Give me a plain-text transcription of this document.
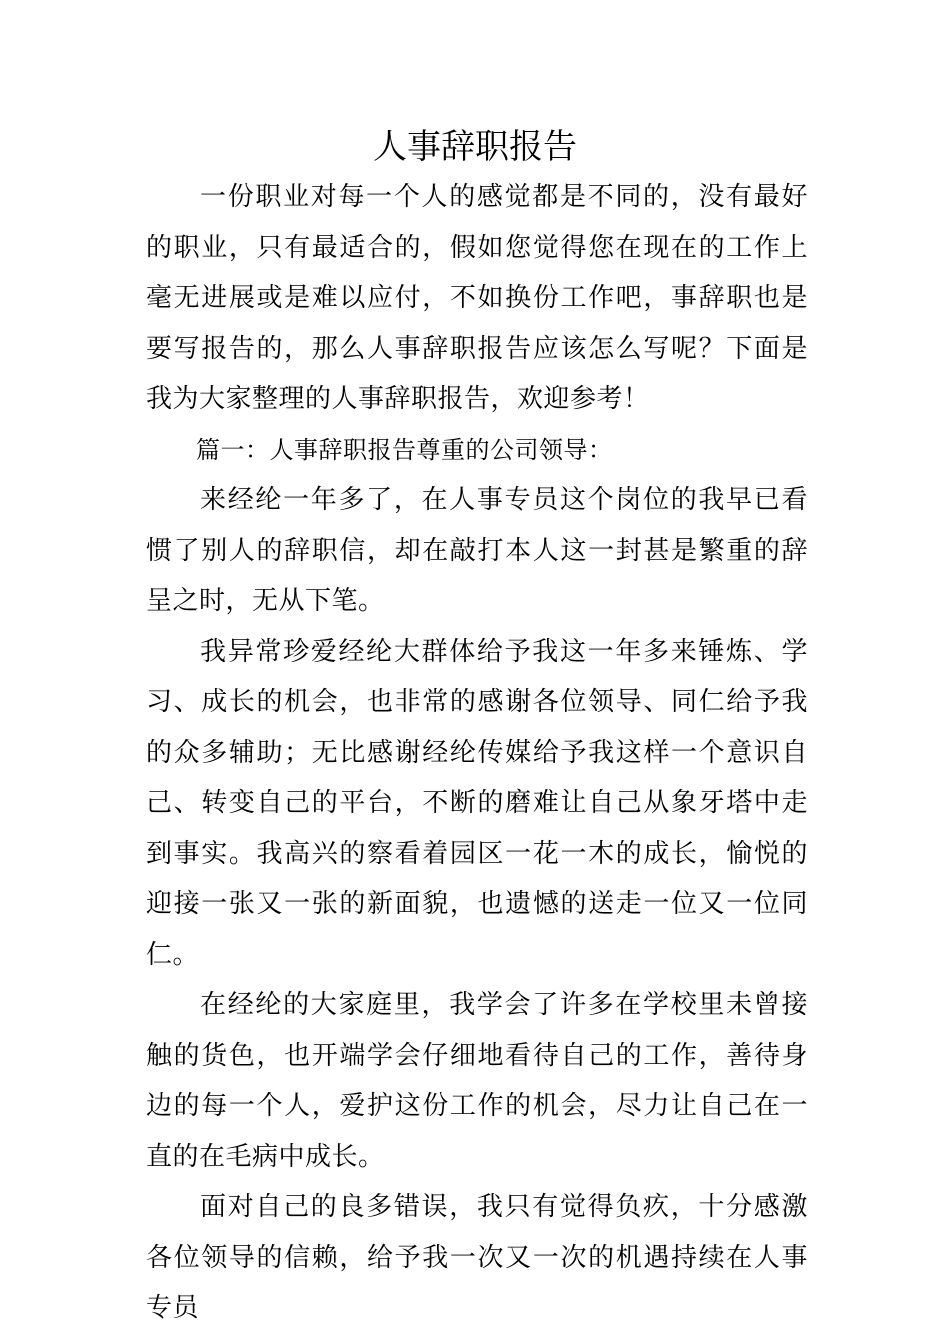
人事辞职报告

一份职业对每一个人的感觉都是不同的，没有最好的职业，只有最适合的，假如您觉得您在现在的工作上毫无进展或是难以应付，不如换份工作吧，事辞职也是要写报告的，那么人事辞职报告应该怎么写呢？下面是我为大家整理的人事辞职报告，欢迎参考！

篇一：人事辞职报告尊重的公司领导：

来经纶一年多了，在人事专员这个岗位的我早已看惯了别人的辞职信，却在敲打本人这一封甚是繁重的辞呈之时，无从下笔。

我异常珍爱经纶大群体给予我这一年多来锤炼、学习、成长的机会，也非常的感谢各位领导、同仁给予我的众多辅助；无比感谢经纶传媒给予我这样一个意识自己、转变自己的平台，不断的磨难让自己从象牙塔中走到事实。我高兴的察看着园区一花一木的成长，愉悦的迎接一张又一张的新面貌，也遗憾的送走一位又一位同仁。

在经纶的大家庭里，我学会了许多在学校里未曾接触的货色，也开端学会仔细地看待自己的工作，善待身边的每一个人，爱护这份工作的机会，尽力让自己在一直的在毛病中成长。

面对自己的良多错误，我只有觉得负疚，十分感激各位领导的信赖，给予我一次又一次的机遇持续在人事专员
